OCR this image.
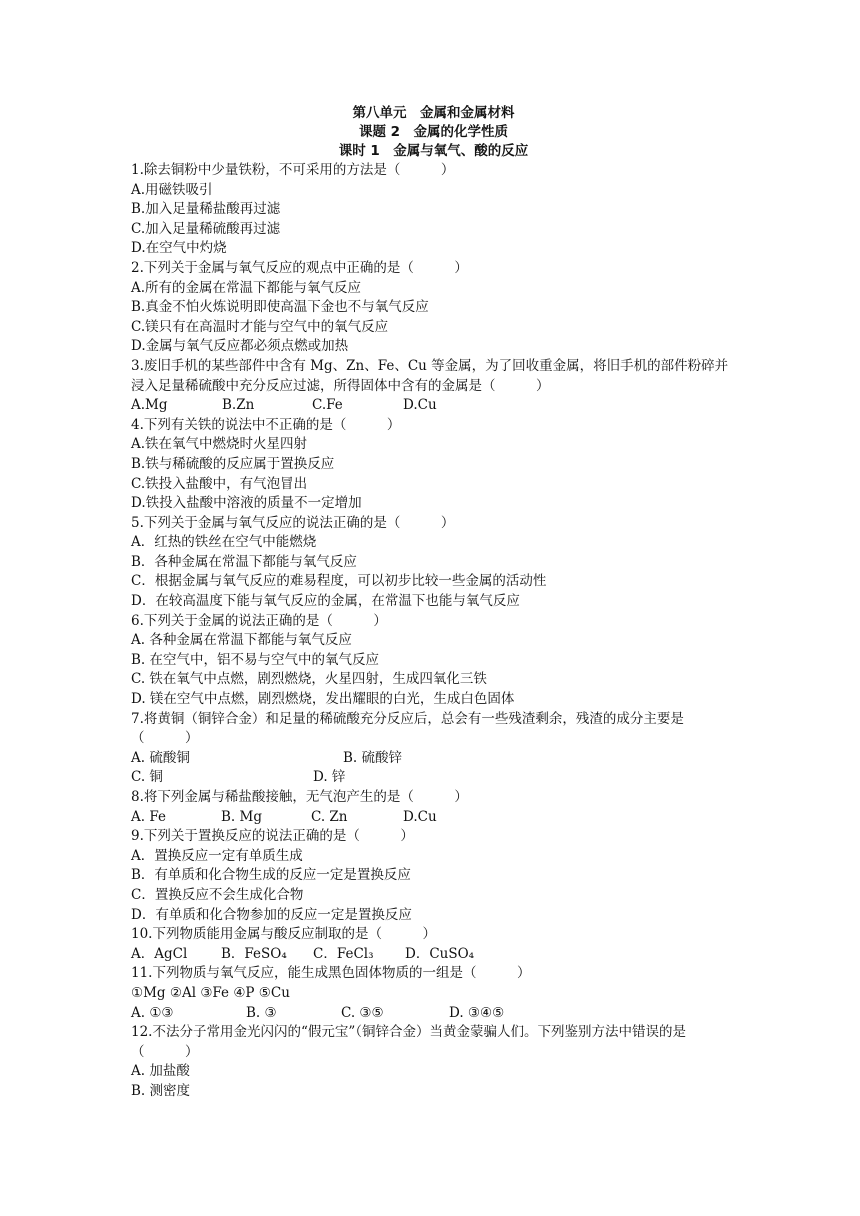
第八单元　金属和金属材料
课题 2　金属的化学性质
课时 1　金属与氧气、酸的反应
1.除去铜粉中少量铁粉，不可采用的方法是（　　　）
A.用磁铁吸引
B.加入足量稀盐酸再过滤
C.加入足量稀硫酸再过滤
D.在空气中灼烧
2.下列关于金属与氧气反应的观点中正确的是（　　　）
A.所有的金属在常温下都能与氧气反应
B.真金不怕火炼说明即使高温下金也不与氧气反应
C.镁只有在高温时才能与空气中的氧气反应
D.金属与氧气反应都必须点燃或加热
3.废旧手机的某些部件中含有 Mg、Zn、Fe、Cu 等金属，为了回收重金属，将旧手机的部件粉碎并浸入足量稀硫酸中充分反应过滤，所得固体中含有的金属是（　　　）
A.Mg	B.Zn	C.Fe	D.Cu
4.下列有关铁的说法中不正确的是（　　　）
A.铁在氧气中燃烧时火星四射
B.铁与稀硫酸的反应属于置换反应
C.铁投入盐酸中，有气泡冒出
D.铁投入盐酸中溶液的质量不一定增加
5.下列关于金属与氧气反应的说法正确的是（　　　）
A．红热的铁丝在空气中能燃烧
B．各种金属在常温下都能与氧气反应
C．根据金属与氧气反应的难易程度，可以初步比较一些金属的活动性
D．在较高温度下能与氧气反应的金属，在常温下也能与氧气反应
6.下列关于金属的说法正确的是（　　　）
A. 各种金属在常温下都能与氧气反应
B. 在空气中，铝不易与空气中的氧气反应
C. 铁在氧气中点燃，剧烈燃烧，火星四射，生成四氧化三铁
D. 镁在空气中点燃，剧烈燃烧，发出耀眼的白光，生成白色固体
7.将黄铜（铜锌合金）和足量的稀硫酸充分反应后，总会有一些残渣剩余，残渣的成分主要是（　　　）
A. 硫酸铜	B. 硫酸锌
C. 铜	D. 锌
8.将下列金属与稀盐酸接触，无气泡产生的是（　　　）
A. Fe	B. Mg	C. Zn	D.Cu
9.下列关于置换反应的说法正确的是（　　　）
A．置换反应一定有单质生成
B．有单质和化合物生成的反应一定是置换反应
C．置换反应不会生成化合物
D．有单质和化合物参加的反应一定是置换反应
10.下列物质能用金属与酸反应制取的是（　　　）
A．AgCl	B．FeSO₄	C．FeCl₃	D．CuSO₄
11.下列物质与氧气反应，能生成黑色固体物质的一组是（　　　）
①Mg ②Al ③Fe ④P ⑤Cu
A. ①③	B. ③	C. ③⑤	D. ③④⑤
12.不法分子常用金光闪闪的“假元宝”（铜锌合金）当黄金蒙骗人们。下列鉴别方法中错误的是　（　　　）
A. 加盐酸
B. 测密度
